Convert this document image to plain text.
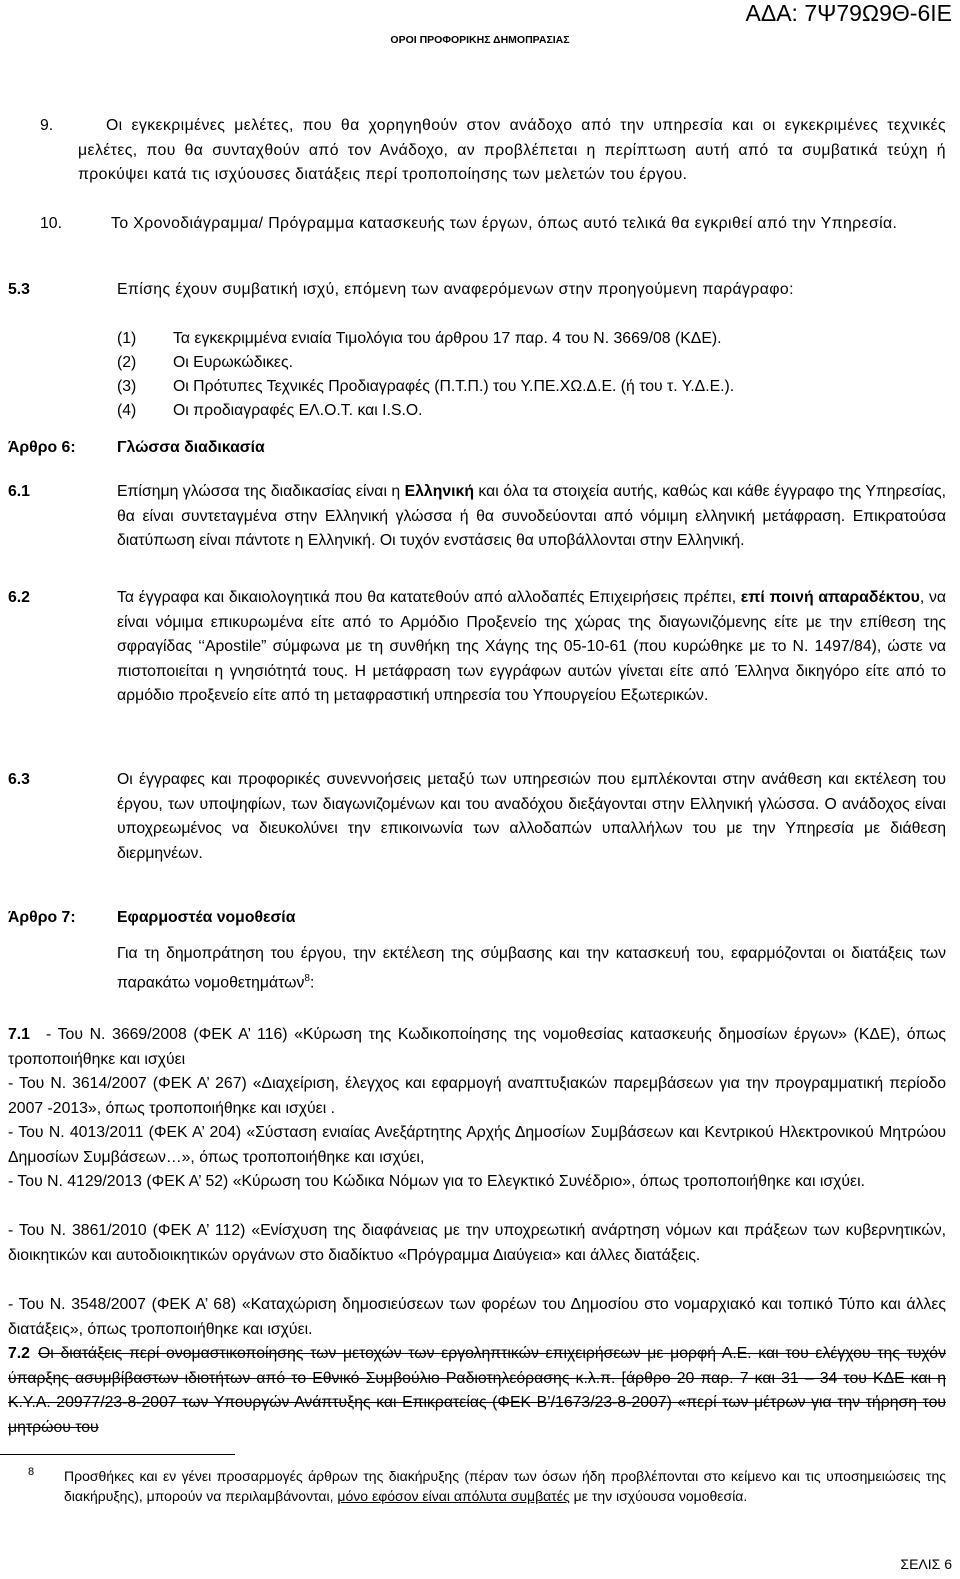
ΑΔΑ: 7Ψ79Ω9Θ-6ΙΕ
ΟΡΟΙ ΠΡΟΦΟΡΙΚΗΣ ΔΗΜΟΠΡΑΣΙΑΣ
9.	Οι εγκεκριμένες μελέτες, που θα χορηγηθούν στον ανάδοχο από την υπηρεσία και οι εγκεκριμένες τεχνικές μελέτες, που θα συνταχθούν από τον Ανάδοχο, αν προβλέπεται η περίπτωση αυτή από τα συμβατικά τεύχη ή προκύψει κατά τις ισχύουσες διατάξεις περί τροποποίησης των μελετών του έργου.
10.	Το Χρονοδιάγραμμα/ Πρόγραμμα κατασκευής των έργων, όπως αυτό τελικά θα εγκριθεί από την Υπηρεσία.
5.3	Επίσης έχουν συμβατική ισχύ, επόμενη των αναφερόμενων στην προηγούμενη παράγραφο:
(1) Τα εγκεκριμμένα ενιαία Τιμολόγια του άρθρου 17 παρ. 4 του Ν. 3669/08 (ΚΔΕ).
(2) Οι Ευρωκώδικες.
(3) Οι Πρότυπες Τεχνικές Προδιαγραφές (Π.Τ.Π.) του Υ.ΠΕ.ΧΩ.Δ.Ε. (ή του τ. Υ.Δ.Ε.).
(4) Οι προδιαγραφές ΕΛ.Ο.Τ. και I.S.O.
Άρθρο 6:	Γλώσσα διαδικασία
6.1	Επίσημη γλώσσα της διαδικασίας είναι η Ελληνική και όλα τα στοιχεία αυτής, καθώς και κάθε έγγραφο της Υπηρεσίας, θα είναι συντεταγμένα στην Ελληνική γλώσσα ή θα συνοδεύονται από νόμιμη ελληνική μετάφραση. Επικρατούσα διατύπωση είναι πάντοτε η Ελληνική. Οι τυχόν ενστάσεις θα υποβάλλονται στην Ελληνική.
6.2	Τα έγγραφα και δικαιολογητικά που θα κατατεθούν από αλλοδαπές Επιχειρήσεις πρέπει, επί ποινή απαραδέκτου, να είναι νόμιμα επικυρωμένα είτε από το Αρμόδιο Προξενείο της χώρας της διαγωνιζόμενης είτε με την επίθεση της σφραγίδας ‘‘Apostile” σύμφωνα με τη συνθήκη της Χάγης της 05-10-61 (που κυρώθηκε με το Ν. 1497/84), ώστε να πιστοποιείται η γνησιότητά τους. Η μετάφραση των εγγράφων αυτών γίνεται είτε από Έλληνα δικηγόρο είτε από το αρμόδιο προξενείο είτε από τη μεταφραστική υπηρεσία του Υπουργείου Εξωτερικών.
6.3	Οι έγγραφες και προφορικές συνεννοήσεις μεταξύ των υπηρεσιών που εμπλέκονται στην ανάθεση και εκτέλεση του έργου, των υποψηφίων, των διαγωνιζομένων και του αναδόχου διεξάγονται στην Ελληνική γλώσσα. Ο ανάδοχος είναι υποχρεωμένος να διευκολύνει την επικοινωνία των αλλοδαπών υπαλλήλων του με την Υπηρεσία με διάθεση διερμηνέων.
Άρθρο 7:	Εφαρμοστέα νομοθεσία
Για τη δημοπράτηση του έργου, την εκτέλεση της σύμβασης και την κατασκευή του, εφαρμόζονται οι διατάξεις των παρακάτω νομοθετημάτων$^8$:
7.1	- Του Ν. 3669/2008 (ΦΕΚ Α’ 116) «Κύρωση της Κωδικοποίησης της νομοθεσίας κατασκευής δημοσίων έργων» (ΚΔΕ), όπως τροποποιήθηκε και ισχύει
- Του Ν. 3614/2007 (ΦΕΚ Α’ 267) «Διαχείριση, έλεγχος και εφαρμογή αναπτυξιακών παρεμβάσεων για την προγραμματική περίοδο 2007 -2013», όπως τροποποιήθηκε και ισχύει .
- Του Ν. 4013/2011 (ΦΕΚ Α’ 204) «Σύσταση ενιαίας Ανεξάρτητης Αρχής Δημοσίων Συμβάσεων και Κεντρικού Ηλεκτρονικού Μητρώου Δημοσίων Συμβάσεων…», όπως τροποποιήθηκε και ισχύει,
- Του Ν. 4129/2013 (ΦΕΚ Α’ 52) «Κύρωση του Κώδικα Νόμων για το Ελεγκτικό Συνέδριο», όπως τροποποιήθηκε και ισχύει.
- Του Ν. 3861/2010 (ΦΕΚ Α’ 112) «Ενίσχυση της διαφάνειας με την υποχρεωτική ανάρτηση νόμων και πράξεων των κυβερνητικών, διοικητικών και αυτοδιοικητικών οργάνων στο διαδίκτυο «Πρόγραμμα Διαύγεια» και άλλες διατάξεις.
- Του Ν. 3548/2007 (ΦΕΚ Α’ 68) «Καταχώριση δημοσιεύσεων των φορέων του Δημοσίου στο νομαρχιακό και τοπικό Τύπο και άλλες διατάξεις», όπως τροποποιήθηκε και ισχύει.
7.2 Οι διατάξεις περί ονομαστικοποίησης των μετοχών των εργοληπτικών επιχειρήσεων με μορφή Α.Ε. και του ελέγχου της τυχόν ύπαρξης ασυμβίβαστων ιδιοτήτων από το Εθνικό Συμβούλιο Ραδιοτηλεόρασης κ.λ.π. [άρθρο 20 παρ. 7 και 31 – 34 του ΚΔΕ και η Κ.Υ.Α. 20977/23-8-2007 των Υπουργών Ανάπτυξης και Επικρατείας (ΦΕΚ Β’/1673/23-8-2007) «περί των μέτρων για την τήρηση του μητρώου του
8 Προσθήκες και εν γένει προσαρμογές άρθρων της διακήρυξης (πέραν των όσων ήδη προβλέπονται στο κείμενο και τις υποσημειώσεις της διακήρυξης), μπορούν να περιλαμβάνονται, μόνο εφόσον είναι απόλυτα συμβατές με την ισχύουσα νομοθεσία.
ΣΕΛΙΣ 6
